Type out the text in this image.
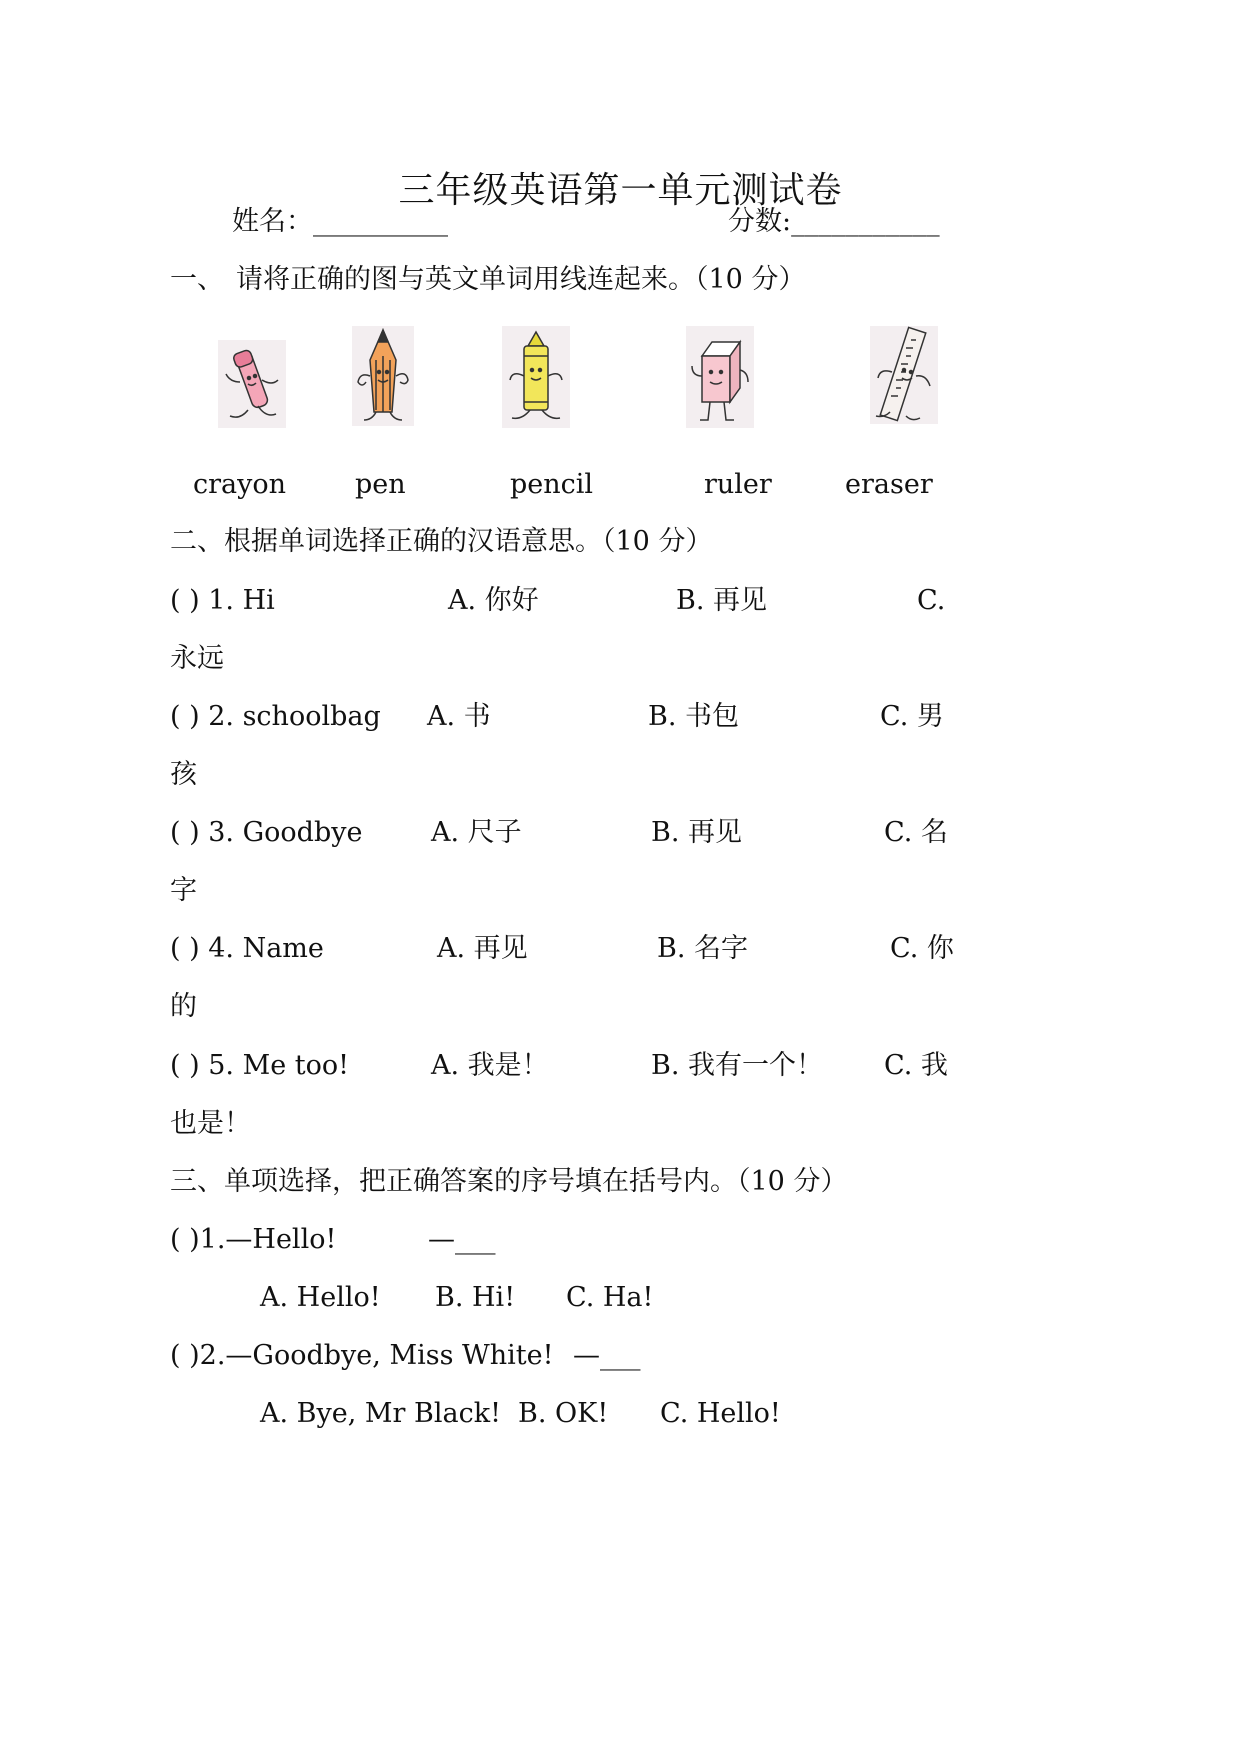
三年级英语第一单元测试卷
姓名：__________	分数:___________
一、 请将正确的图与英文单词用线连起来。（10 分）
crayon	pen	pencil	ruler	eraser
二、根据单词选择正确的汉语意思。（10 分）
( ) 1. Hi	A. 你好	B. 再见	C.
永远
( ) 2. schoolbag A. 书	B. 书包	C. 男
孩
( ) 3. Goodbye	A. 尺子	B. 再见	C. 名
字
( ) 4. Name	A. 再见	B. 名字	C. 你
的
( ) 5. Me too!	A. 我是！	B. 我有一个！ C. 我
也是！
三、单项选择，把正确答案的序号填在括号内。（10 分）
( )1.—Hello!	—___
A. Hello! B. Hi! C. Ha!
( )2.—Goodbye, Miss White! —___
A. Bye, Mr Black! B. OK! C. Hello!
